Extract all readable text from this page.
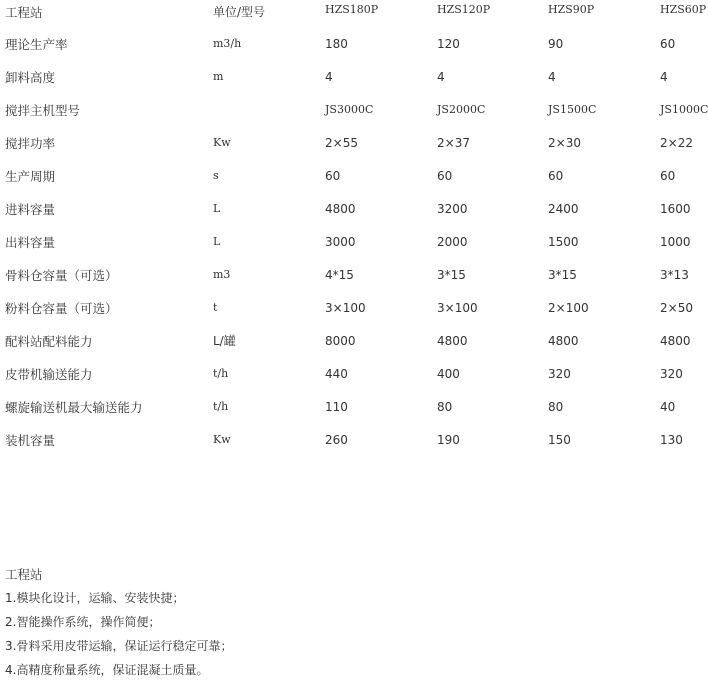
工程站	单位/型号	HZS180P	HZS120P	HZS90P	HZS60P
理论生产率	m3/h	180	120	90	60
卸料高度	m	4	4	4	4
搅拌主机型号		JS3000C	JS2000C	JS1500C	JS1000C
搅拌功率	Kw	2×55	2×37	2×30	2×22
生产周期	s	60	60	60	60
进料容量	L	4800	3200	2400	1600
出料容量	L	3000	2000	1500	1000
骨料仓容量（可选）	m3	4*15	3*15	3*15	3*13
粉料仓容量（可选）	t	3×100	3×100	2×100	2×50
配料站配料能力	L/罐	8000	4800	4800	4800
皮带机输送能力	t/h	440	400	320	320
螺旋输送机最大输送能力	t/h	110	80	80	40
装机容量	Kw	260	190	150	130
工程站
1.模块化设计，运输、安装快捷；
2.智能操作系统，操作简便；
3.骨料采用皮带运输，保证运行稳定可靠；
4.高精度称量系统，保证混凝土质量。
